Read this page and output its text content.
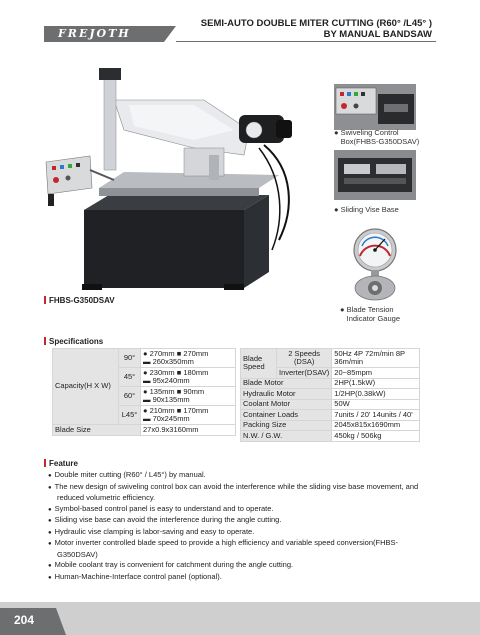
FREJOTH
SEMI-AUTO DOUBLE MITER CUTTING (R60° /L45° )
BY MANUAL BANDSAW
● Swiveling Control Box(FHBS-G350DSAV)
● Sliding Vise Base
● Blade Tension Indicator Gauge
FHBS-G350DSAV
Specifications
Capacity(H X W)	90°	● 270mm ■ 270mm
▬ 260x350mm

	45°	● 230mm ■ 180mm
▬ 95x240mm

	60°	● 135mm ■ 90mm
▬ 90x135mm

	L45°	● 210mm ■ 170mm
▬ 70x245mm

Blade Size		27x0.9x3160mm
Blade Speed	2 Speeds (DSA)	50Hz 4P 72m/min 8P 36m/min
	Inverter(DSAV)	20~85mpm
Blade Motor		2HP(1.5kW)
Hydraulic Motor		1/2HP(0.38kW)
Coolant Motor		50W
Container Loads		7units / 20' 14units / 40'
Packing Size		2045x815x1690mm
N.W. / G.W.		450kg / 506kg
Feature
● Double miter cutting (R60° / L45°) by manual.
● The new design of swiveling control box can avoid the interference while the sliding vise base movement, and reduced volumetric efficiency.
● Symbol-based control panel is easy to understand and to operate.
● Sliding vise base can avoid the interference during the angle cutting.
● Hydraulic vise clamping is labor-saving and easy to operate.
● Motor inverter controlled blade speed to provide a high efficiency and variable speed conversion(FHBS-G350DSAV)
● Mobile coolant tray is convenient for catchment during the angle cutting.
● Human-Machine-Interface control panel (optional).
204
